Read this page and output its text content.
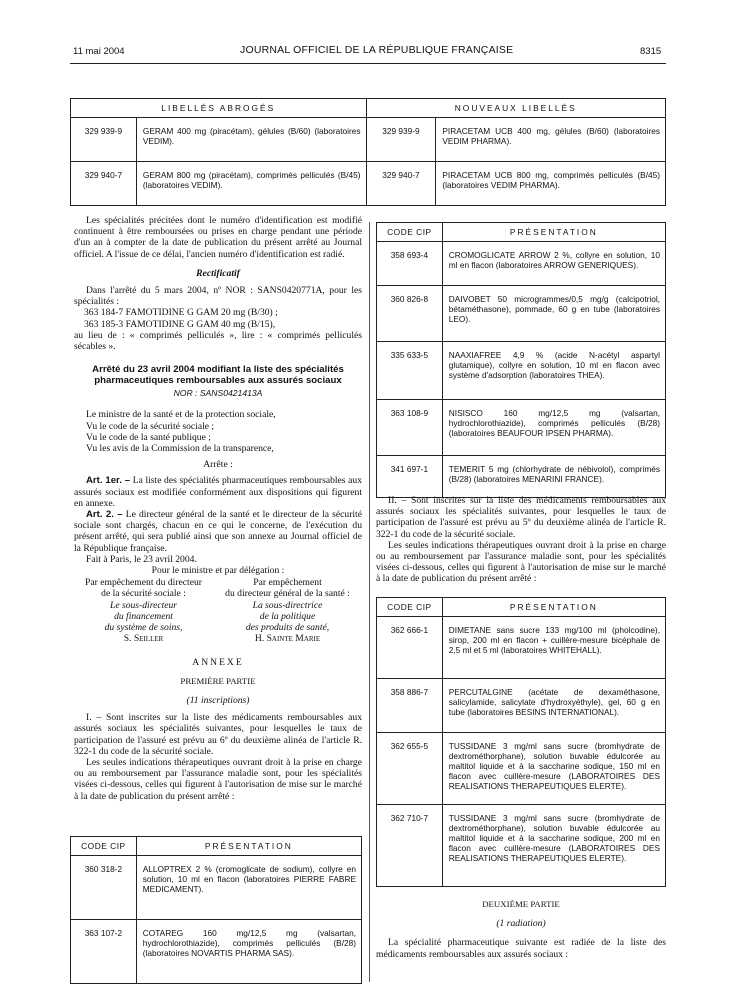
11 mai 2004	JOURNAL OFFICIEL DE LA RÉPUBLIQUE FRANÇAISE	8315
LIBELLÉS ABROGÉS		NOUVEAUX LIBELLÉS	
329 939-9	GERAM 400 mg (piracétam), gélules (B/60) (laboratoires VEDIM).	329 939-9	PIRACETAM UCB 400 mg, gélules (B/60) (laboratoires VEDIM PHARMA).
329 940-7	GERAM 800 mg (piracétam), comprimés pelliculés (B/45) (laboratoires VEDIM).	329 940-7	PIRACETAM UCB 800 mg, comprimés pelliculés (B/45) (laboratoires VEDIM PHARMA).

Les spécialités précitées dont le numéro d'identification est modifié continuent à être remboursées ou prises en charge pendant une période d'un an à compter de la date de publication du présent arrêté au Journal officiel. A l'issue de ce délai, l'ancien numéro d'identification est radié.

Rectificatif

Dans l'arrêté du 5 mars 2004, nº NOR : SANS0420771A, pour les spécialités :

363 184-7 FAMOTIDINE G GAM 20 mg (B/30) ;

363 185-3 FAMOTIDINE G GAM 40 mg (B/15),

au lieu de : « comprimés pelliculés », lire : « comprimés pelliculés sécables ».

Arrêté du 23 avril 2004 modifiant la liste des spécialités pharmaceutiques remboursables aux assurés sociaux

NOR : SANS0421413A

Le ministre de la santé et de la protection sociale,

Vu le code de la sécurité sociale ;

Vu le code de la santé publique ;

Vu les avis de la Commission de la transparence,

Arrête :

Art. 1er. – La liste des spécialités pharmaceutiques remboursables aux assurés sociaux est modifiée conformément aux dispositions qui figurent en annexe.

Art. 2. – Le directeur général de la santé et le directeur de la sécurité sociale sont chargés, chacun en ce qui le concerne, de l'exécution du présent arrêté, qui sera publié ainsi que son annexe au Journal officiel de la République française.

Fait à Paris, le 23 avril 2004.

Pour le ministre et par délégation :

Par empêchement du directeur

de la sécurité sociale :

Le sous-directeur

du financement

du système de soins,

S. Seiller

Par empêchement

du directeur général de la santé :

La sous-directrice

de la politique

des produits de santé,

H. Sainte Marie

ANNEXE

PREMIÈRE PARTIE

(11 inscriptions)

I. – Sont inscrites sur la liste des médicaments remboursables aux assurés sociaux les spécialités suivantes, pour lesquelles le taux de participation de l'assuré est prévu au 6º du deuxième alinéa de l'article R. 322-1 du code de la sécurité sociale.

Les seules indications thérapeutiques ouvrant droit à la prise en charge ou au remboursement par l'assurance maladie sont, pour les spécialités visées ci-dessous, celles qui figurent à l'autorisation de mise sur le marché à la date de publication du présent arrêté :

CODE CIP	PRÉSENTATION
360 318-2	ALLOPTREX 2 % (cromoglicate de sodium), collyre en solution, 10 ml en flacon (laboratoires PIERRE FABRE MEDICAMENT).
363 107-2	COTAREG 160 mg/12,5 mg (valsartan, hydrochlorothiazide), comprimés pelliculés (B/28) (laboratoires NOVARTIS PHARMA SAS).
CODE CIP	PRÉSENTATION
358 693-4	CROMOGLICATE ARROW 2 %, collyre en solution, 10 ml en flacon (laboratoires ARROW GENERIQUES).
360 826-8	DAIVOBET 50 microgrammes/0,5 mg/g (calcipotriol, bétaméthasone), pommade, 60 g en tube (laboratoires LEO).
335 633-5	NAAXIAFREE 4,9 % (acide N-acétyl aspartyl glutamique), collyre en solution, 10 ml en flacon avec système d'adsorption (laboratoires THEA).
363 108-9	NISISCO 160 mg/12,5 mg (valsartan, hydrochlorothiazide), comprimés pelliculés (B/28) (laboratoires BEAUFOUR IPSEN PHARMA).
341 697-1	TEMERIT 5 mg (chlorhydrate de nébivolol), comprimés (B/28) (laboratoires MENARINI FRANCE).

II. – Sont inscrites sur la liste des médicaments remboursables aux assurés sociaux les spécialités suivantes, pour lesquelles le taux de participation de l'assuré est prévu au 5º du deuxième alinéa de l'article R. 322-1 du code de la sécurité sociale.

Les seules indications thérapeutiques ouvrant droit à la prise en charge ou au remboursement par l'assurance maladie sont, pour les spécialités visées ci-dessous, celles qui figurent à l'autorisation de mise sur le marché à la date de publication du présent arrêté :

CODE CIP	PRÉSENTATION
362 666-1	DIMETANE sans sucre 133 mg/100 ml (pholcodine), sirop, 200 ml en flacon + cuillère-mesure bicéphale de 2,5 ml et 5 ml (laboratoires WHITEHALL).
358 886-7	PERCUTALGINE (acétate de dexaméthasone, salicylamide, salicylate d'hydroxyéthyle), gel, 60 g en tube (laboratoires BESINS INTERNATIONAL).
362 655-5	TUSSIDANE 3 mg/ml sans sucre (bromhydrate de dextrométhorphane), solution buvable édulcorée au maltitol liquide et à la saccharine sodique, 150 ml en flacon avec cuillère-mesure (LABORATOIRES DES REALISATIONS THERAPEUTIQUES ELERTE).
362 710-7	TUSSIDANE 3 mg/ml sans sucre (bromhydrate de dextrométhorphane), solution buvable édulcorée au maltitol liquide et à la saccharine sodique, 200 ml en flacon avec cuillère-mesure (LABORATOIRES DES REALISATIONS THERAPEUTIQUES ELERTE).

DEUXIÈME PARTIE

(1 radiation)

La spécialité pharmaceutique suivante est radiée de la liste des médicaments remboursables aux assurés sociaux :
